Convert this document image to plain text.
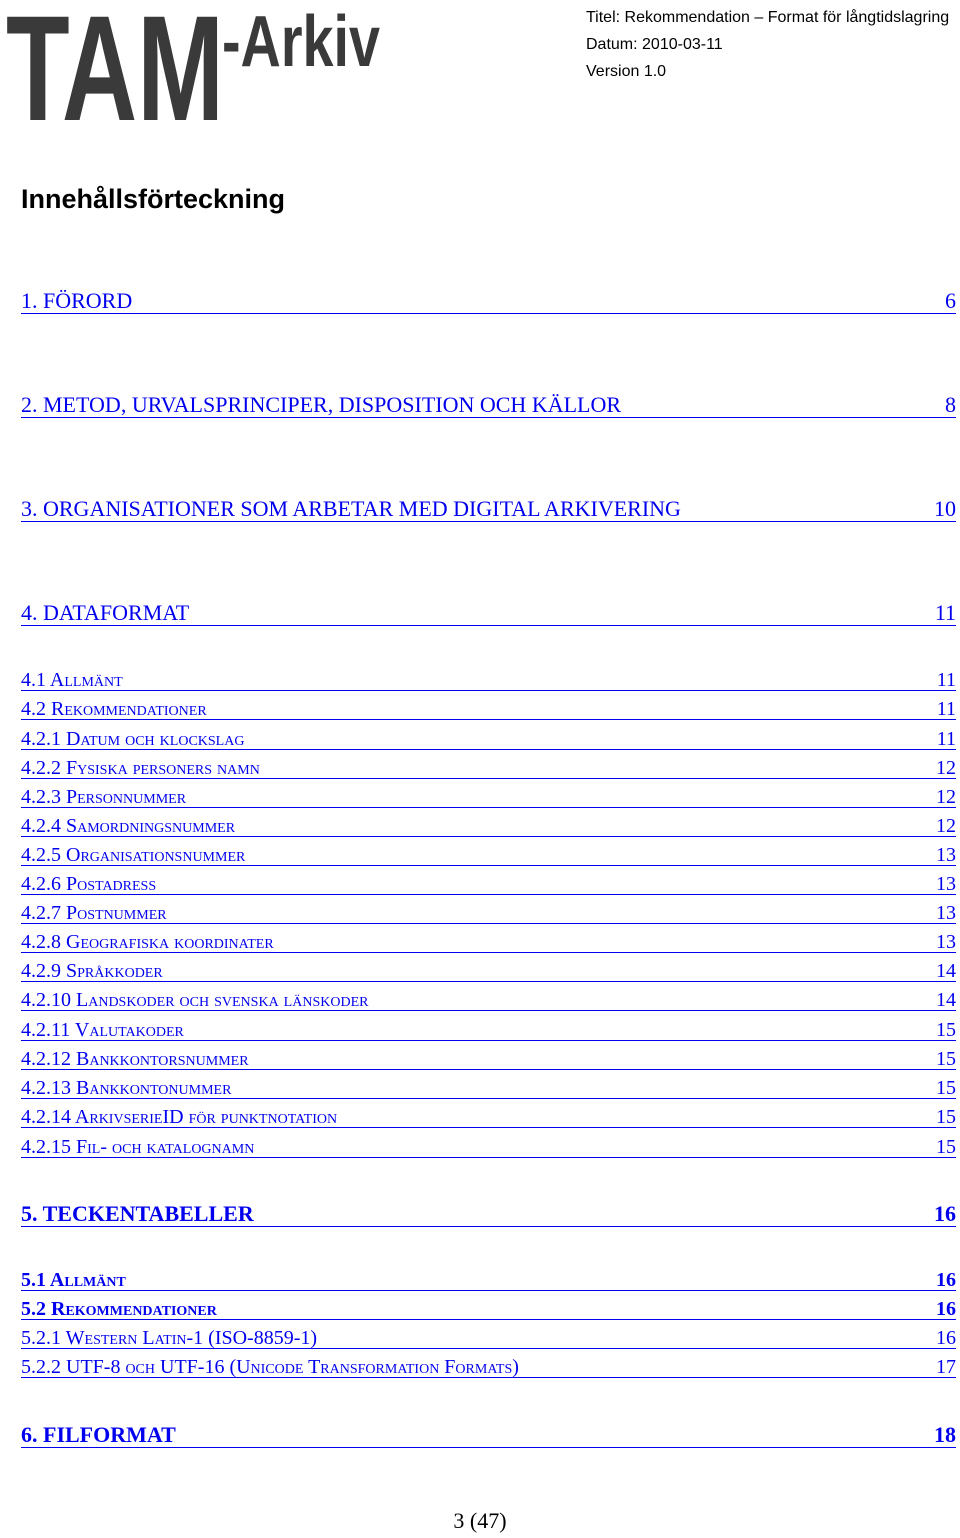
TAM
-Arkiv	Titel: Rekommendation – Format för långtidslagring
Datum: 2010-03-11
Version 1.0
Innehållsförteckning
1. FÖRORD	6
2. METOD, URVALSPRINCIPER, DISPOSITION OCH KÄLLOR	8
3. ORGANISATIONER SOM ARBETAR MED DIGITAL ARKIVERING	10
4. DATAFORMAT	11
4.1 Allmänt	11
4.2 Rekommendationer	11
4.2.1 Datum och klockslag	11
4.2.2 Fysiska personers namn	12
4.2.3 Personnummer	12
4.2.4 Samordningsnummer	12
4.2.5 Organisationsnummer	13
4.2.6 Postadress	13
4.2.7 Postnummer	13
4.2.8 Geografiska koordinater	13
4.2.9 Språkkoder	14
4.2.10 Landskoder och svenska länskoder	14
4.2.11 Valutakoder	15
4.2.12 Bankkontorsnummer	15
4.2.13 Bankkontonummer	15
4.2.14 ArkivserieID för punktnotation	15
4.2.15 Fil- och katalognamn	15
5. TECKENTABELLER	16
5.1 Allmänt	16
5.2 Rekommendationer	16
5.2.1 Western Latin-1 (ISO-8859-1)	16
5.2.2 UTF-8 och UTF-16 (Unicode Transformation Formats)	17
6. FILFORMAT	18
3 (47)
